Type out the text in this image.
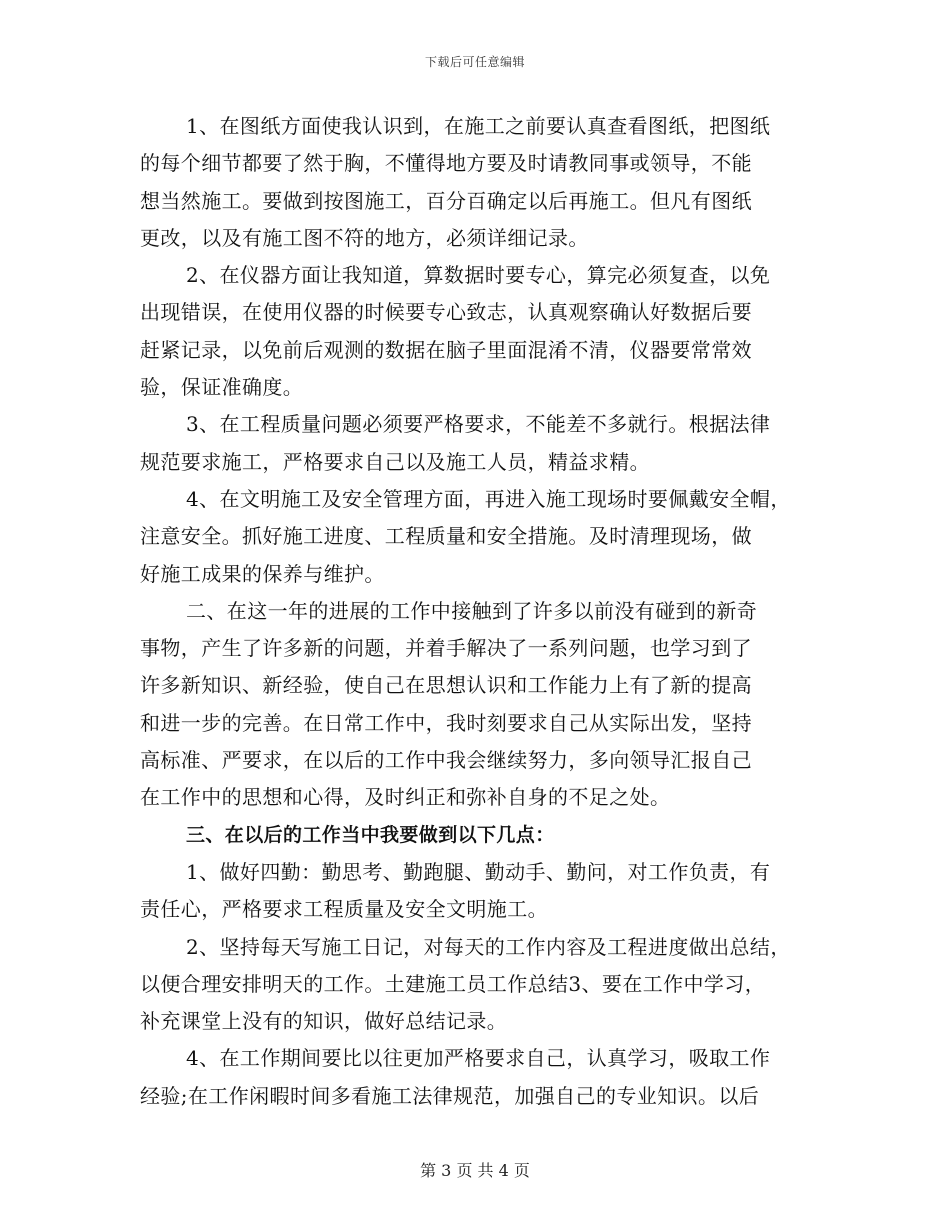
下载后可任意编辑
1、在图纸方面使我认识到，在施工之前要认真查看图纸，把图纸
的每个细节都要了然于胸，不懂得地方要及时请教同事或领导，不能
想当然施工。要做到按图施工，百分百确定以后再施工。但凡有图纸
更改，以及有施工图不符的地方，必须详细记录。
2、在仪器方面让我知道，算数据时要专心，算完必须复查，以免
出现错误，在使用仪器的时候要专心致志，认真观察确认好数据后要
赶紧记录，以免前后观测的数据在脑子里面混淆不清，仪器要常常效
验，保证准确度。
3、在工程质量问题必须要严格要求，不能差不多就行。根据法律
规范要求施工，严格要求自己以及施工人员，精益求精。
4、在文明施工及安全管理方面，再进入施工现场时要佩戴安全帽，
注意安全。抓好施工进度、工程质量和安全措施。及时清理现场，做
好施工成果的保养与维护。
二、在这一年的进展的工作中接触到了许多以前没有碰到的新奇
事物，产生了许多新的问题，并着手解决了一系列问题，也学习到了
许多新知识、新经验，使自己在思想认识和工作能力上有了新的提高
和进一步的完善。在日常工作中，我时刻要求自己从实际出发，坚持
高标准、严要求，在以后的工作中我会继续努力，多向领导汇报自己
在工作中的思想和心得，及时纠正和弥补自身的不足之处。
三、在以后的工作当中我要做到以下几点：
1、做好四勤：勤思考、勤跑腿、勤动手、勤问，对工作负责，有
责任心，严格要求工程质量及安全文明施工。
2、坚持每天写施工日记，对每天的工作内容及工程进度做出总结，
以便合理安排明天的工作。土建施工员工作总结3、要在工作中学习，
补充课堂上没有的知识，做好总结记录。
4、在工作期间要比以往更加严格要求自己，认真学习，吸取工作
经验;在工作闲暇时间多看施工法律规范，加强自己的专业知识。以后
第 3 页 共 4 页
